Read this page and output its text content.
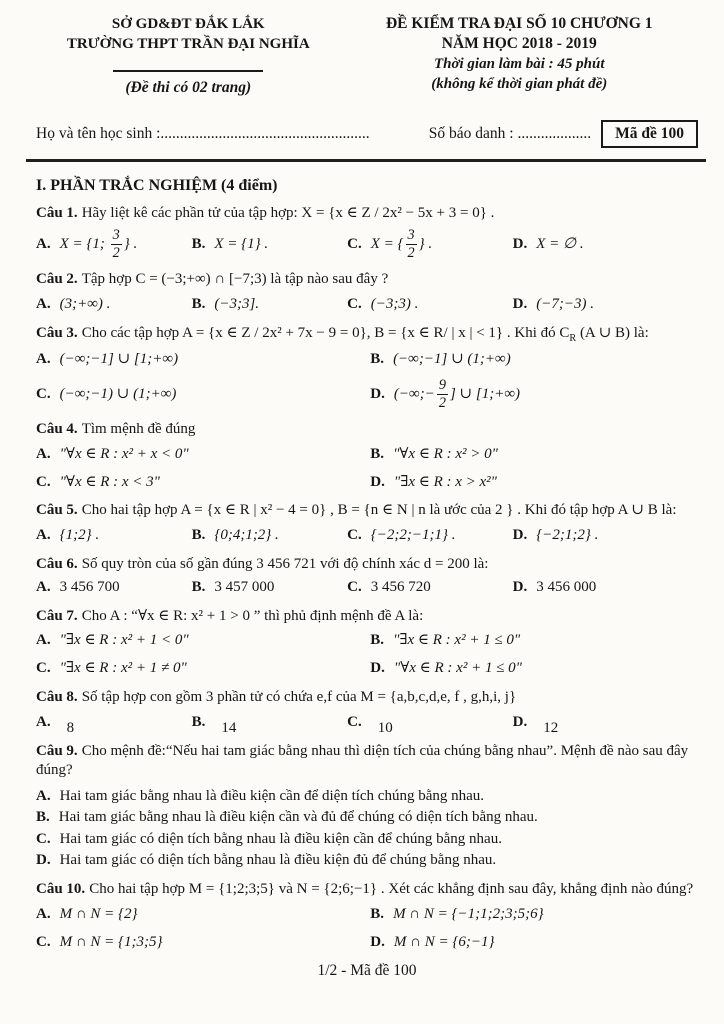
SỞ GD&ĐT ĐẮK LẮK
TRƯỜNG THPT TRẦN ĐẠI NGHĨA
(Đề thi có 02 trang)
ĐỀ KIỂM TRA ĐẠI SỐ 10 CHƯƠNG 1
NĂM HỌC 2018 - 2019
Thời gian làm bài : 45 phút
(không kể thời gian phát đề)
Họ và tên học sinh :......................................................	Số báo danh : ...................	Mã đề 100
I. PHẦN TRẮC NGHIỆM (4 điểm)

Câu 1. Hãy liệt kê các phần tử của tập hợp: X = {x ∈ Z / 2x² − 5x + 3 = 0} .

A. X = {1; $\frac{3}{2}$ } .	B. X = {1} .	C. X = { $\frac{3}{2}$ } .	D. X = ∅ .

Câu 2. Tập hợp C = (−3;+∞) ∩ [−7;3) là tập nào sau đây ?

A. (3;+∞) .	B. (−3;3].	C. (−3;3) .	D. (−7;−3) .

Câu 3. Cho các tập hợp A = {x ∈ Z / 2x² + 7x − 9 = 0}, B = {x ∈ R/ | x | < 1} . Khi đó $C_R$ (A ∪ B) là:

A. (−∞;−1] ∪ [1;+∞)	B. (−∞;−1] ∪ (1;+∞)
C. (−∞;−1) ∪ (1;+∞)	D. (−∞;− $\frac{9}{2}$ ] ∪ [1;+∞)

Câu 4. Tìm mệnh đề đúng

A. "∀x ∈ R : x² + x < 0"	B. "∀x ∈ R : x² > 0"
C. "∀x ∈ R : x < 3"	D. "∃x ∈ R : x > x²"

Câu 5. Cho hai tập hợp A = {x ∈ R | x² − 4 = 0} , B = {n ∈ N | n là ước của 2 } . Khi đó tập hợp A ∪ B là:

A. {1;2} .	B. {0;4;1;2} .	C. {−2;2;−1;1} .	D. {−2;1;2} .

Câu 6. Số quy tròn của số gần đúng 3 456 721 với độ chính xác d = 200 là:

A. 3 456 700	B. 3 457 000	C. 3 456 720	D. 3 456 000

Câu 7. Cho A : “∀x ∈ R: x² + 1 > 0 ” thì phủ định mệnh đề A là:

A. "∃x ∈ R : x² + 1 < 0"	B. "∃x ∈ R : x² + 1 ≤ 0"
C. "∃x ∈ R : x² + 1 ≠ 0"	D. "∀x ∈ R : x² + 1 ≤ 0"

Câu 8. Số tập hợp con gồm 3 phần tử có chứa e,f của M = {a,b,c,d,e, f , g,h,i, j}

A. 8	B. 14	C. 10	D. 12

Câu 9. Cho mệnh đề:“Nếu hai tam giác bằng nhau thì diện tích của chúng bằng nhau”. Mệnh đề nào sau đây đúng?

A. Hai tam giác bằng nhau là điều kiện cần để diện tích chúng bằng nhau.
B. Hai tam giác bằng nhau là điều kiện cần và đủ để chúng có diện tích bằng nhau.
C. Hai tam giác có diện tích bằng nhau là điều kiện cần để chúng bằng nhau.
D. Hai tam giác có diện tích bằng nhau là điều kiện đủ để chúng bằng nhau.

Câu 10. Cho hai tập hợp M = {1;2;3;5} và N = {2;6;−1} . Xét các khẳng định sau đây, khẳng định nào đúng?

A. M ∩ N = {2}	B. M ∩ N = {−1;1;2;3;5;6}
C. M ∩ N = {1;3;5}	D. M ∩ N = {6;−1}
1/2 - Mã đề 100
